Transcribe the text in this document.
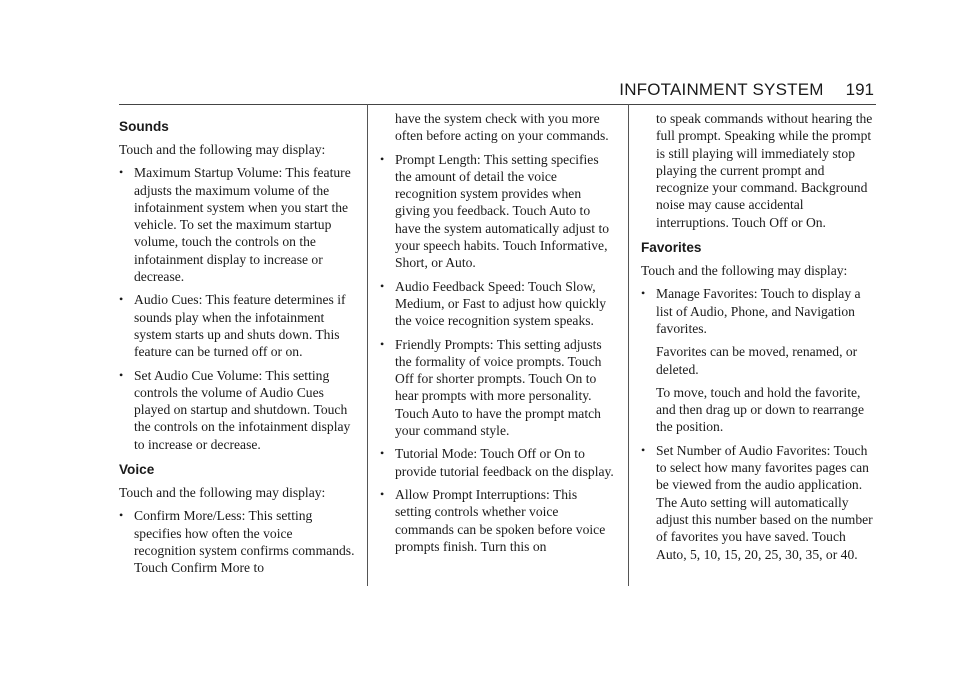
INFOTAINMENT SYSTEM 191
Sounds

Touch and the following may display:

• Maximum Startup Volume: This feature adjusts the maximum volume of the infotainment system when you start the vehicle. To set the maximum startup volume, touch the controls on the infotainment display to increase or decrease.
• Audio Cues: This feature determines if sounds play when the infotainment system starts up and shuts down. This feature can be turned off or on.
• Set Audio Cue Volume: This setting controls the volume of Audio Cues played on startup and shutdown. Touch the controls on the infotainment display to increase or decrease.
Voice

Touch and the following may display:

• Confirm More/Less: This setting specifies how often the voice recognition system confirms commands. Touch Confirm More to
have the system check with you more often before acting on your commands.
• Prompt Length: This setting specifies the amount of detail the voice recognition system provides when giving you feedback. Touch Auto to have the system automatically adjust to your speech habits. Touch Informative, Short, or Auto.
• Audio Feedback Speed: Touch Slow, Medium, or Fast to adjust how quickly the voice recognition system speaks.
• Friendly Prompts: This setting adjusts the formality of voice prompts. Touch Off for shorter prompts. Touch On to hear prompts with more personality. Touch Auto to have the prompt match your command style.
• Tutorial Mode: Touch Off or On to provide tutorial feedback on the display.
• Allow Prompt Interruptions: This setting controls whether voice commands can be spoken before voice prompts finish. Turn this on
to speak commands without hearing the full prompt. Speaking while the prompt is still playing will immediately stop playing the current prompt and recognize your command. Background noise may cause accidental interruptions. Touch Off or On.
Favorites

Touch and the following may display:

• Manage Favorites: Touch to display a list of Audio, Phone, and Navigation favorites.
Favorites can be moved, renamed, or deleted.
To move, touch and hold the favorite, and then drag up or down to rearrange the position.
• Set Number of Audio Favorites: Touch to select how many favorites pages can be viewed from the audio application. The Auto setting will automatically adjust this number based on the number of favorites you have saved. Touch Auto, 5, 10, 15, 20, 25, 30, 35, or 40.
